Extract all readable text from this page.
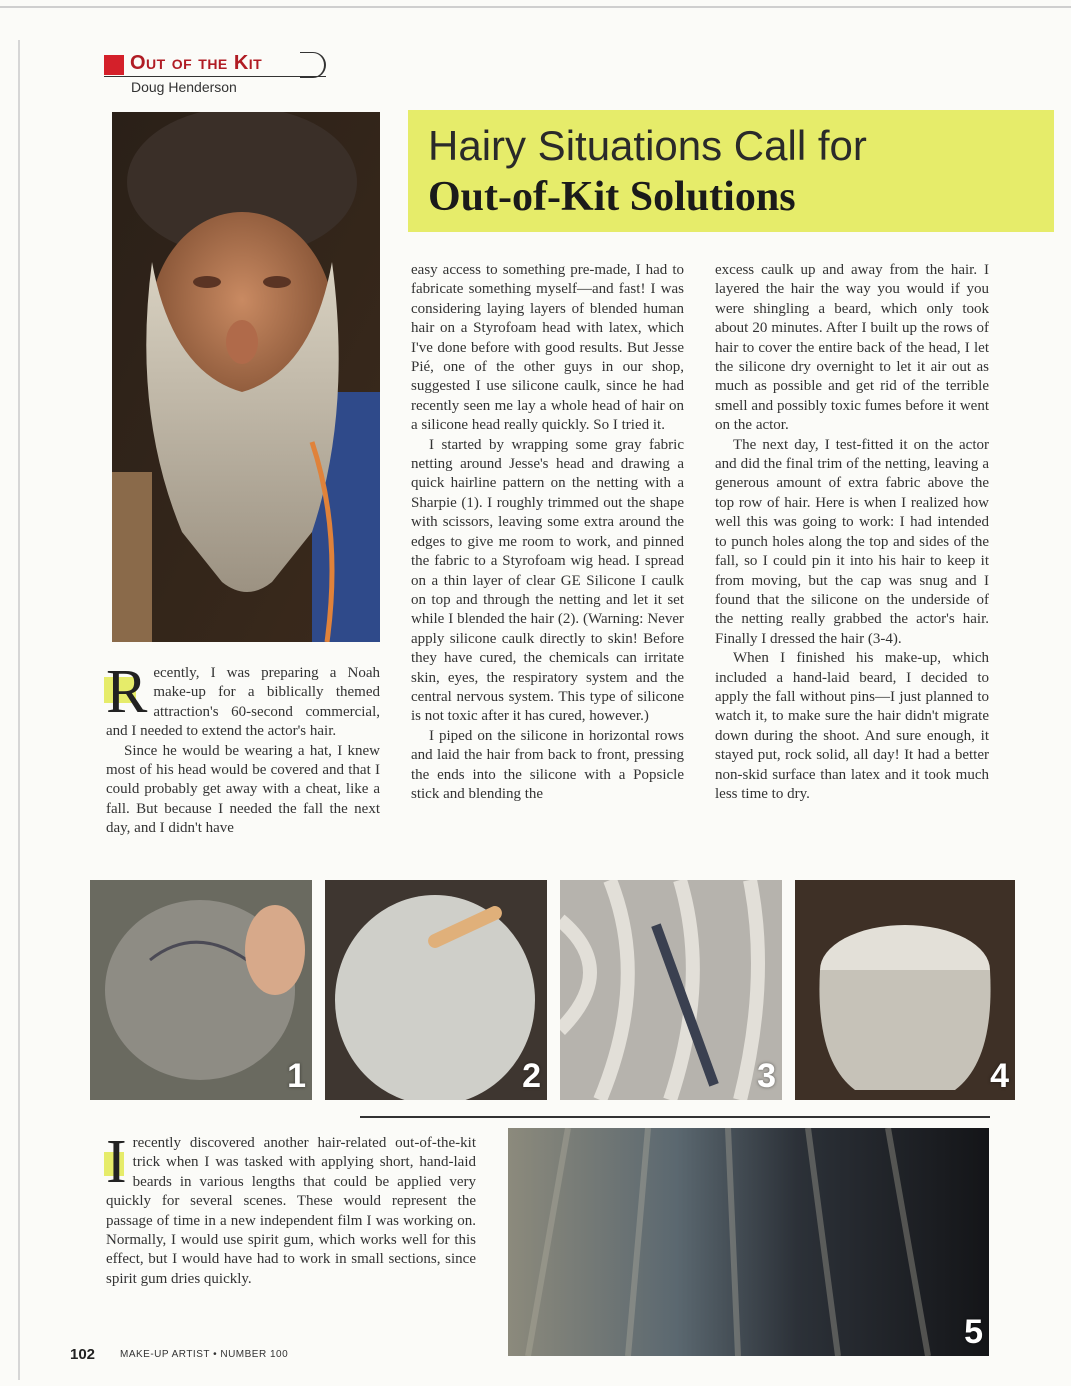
Out of the Kit
Doug Henderson
Hairy Situations Call for
Out-of-Kit Solutions

Recently, I was preparing a Noah make-up for a biblically themed attraction's 60-second commercial, and I needed to extend the actor's hair.

Since he would be wearing a hat, I knew most of his head would be covered and that I could probably get away with a cheat, like a fall. But because I needed the fall the next day, and I didn't have

easy access to something pre-made, I had to fabricate something myself—and fast! I was considering laying layers of blended human hair on a Styrofoam head with latex, which I've done before with good results. But Jesse Pié, one of the other guys in our shop, suggested I use silicone caulk, since he had recently seen me lay a whole head of hair on a silicone head really quickly. So I tried it.

I started by wrapping some gray fabric netting around Jesse's head and drawing a quick hairline pattern on the netting with a Sharpie (1). I roughly trimmed out the shape with scissors, leaving some extra around the edges to give me room to work, and pinned the fabric to a Styrofoam wig head. I spread on a thin layer of clear GE Silicone I caulk on top and through the netting and let it set while I blended the hair (2). (Warning: Never apply silicone caulk directly to skin! Before they have cured, the chemicals can irritate skin, eyes, the respiratory system and the central nervous system. This type of silicone is not toxic after it has cured, however.)

I piped on the silicone in horizontal rows and laid the hair from back to front, pressing the ends into the silicone with a Popsicle stick and blending the

excess caulk up and away from the hair. I layered the hair the way you would if you were shingling a beard, which only took about 20 minutes. After I built up the rows of hair to cover the entire back of the head, I let the silicone dry overnight to let it air out as much as possible and get rid of the terrible smell and possibly toxic fumes before it went on the actor.

The next day, I test-fitted it on the actor and did the final trim of the netting, leaving a generous amount of extra fabric above the top row of hair. Here is when I realized how well this was going to work: I had intended to punch holes along the top and sides of the fall, so I could pin it into his hair to keep it from moving, but the cap was snug and I found that the silicone on the underside of the netting really grabbed the actor's hair. Finally I dressed the hair (3-4).

When I finished his make-up, which included a hand-laid beard, I decided to apply the fall without pins—I just planned to watch it, to make sure the hair didn't migrate down during the shoot. And sure enough, it stayed put, rock solid, all day! It had a better non-skid surface than latex and it took much less time to dry.

1	2	3	4

Irecently discovered another hair-related out-of-the-kit trick when I was tasked with applying short, hand-laid beards in various lengths that could be applied very quickly for several scenes. These would represent the passage of time in a new independent film I was working on. Normally, I would use spirit gum, which works well for this effect, but I would have had to work in small sections, since spirit gum dries quickly.

5
102 MAKE-UP ARTIST • NUMBER 100
